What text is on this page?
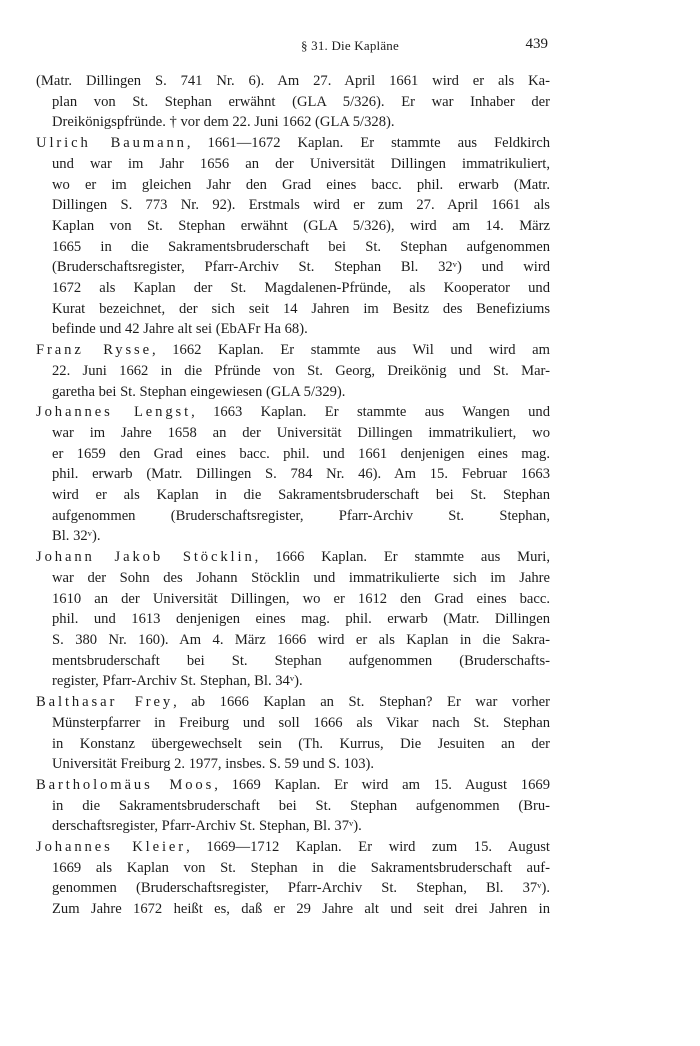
§ 31. Die Kapläne	439
(Matr. Dillingen S. 741 Nr. 6). Am 27. April 1661 wird er als Ka-
plan von St. Stephan erwähnt (GLA 5/326). Er war Inhaber der
Dreikönigspfründe. † vor dem 22. Juni 1662 (GLA 5/328).
Ulrich Baumann, 1661—1672 Kaplan. Er stammte aus Feldkirch
und war im Jahr 1656 an der Universität Dillingen immatrikuliert,
wo er im gleichen Jahr den Grad eines bacc. phil. erwarb (Matr.
Dillingen S. 773 Nr. 92). Erstmals wird er zum 27. April 1661 als
Kaplan von St. Stephan erwähnt (GLA 5/326), wird am 14. März
1665 in die Sakramentsbruderschaft bei St. Stephan aufgenommen
(Bruderschaftsregister, Pfarr-Archiv St. Stephan Bl. 32ᵛ) und wird
1672 als Kaplan der St. Magdalenen-Pfründe, als Kooperator und
Kurat bezeichnet, der sich seit 14 Jahren im Besitz des Benefiziums
befinde und 42 Jahre alt sei (EbAFr Ha 68).
Franz Rysse, 1662 Kaplan. Er stammte aus Wil und wird am
22. Juni 1662 in die Pfründe von St. Georg, Dreikönig und St. Mar-
garetha bei St. Stephan eingewiesen (GLA 5/329).
Johannes Lengst, 1663 Kaplan. Er stammte aus Wangen und
war im Jahre 1658 an der Universität Dillingen immatrikuliert, wo
er 1659 den Grad eines bacc. phil. und 1661 denjenigen eines mag.
phil. erwarb (Matr. Dillingen S. 784 Nr. 46). Am 15. Februar 1663
wird er als Kaplan in die Sakramentsbruderschaft bei St. Stephan
aufgenommen (Bruderschaftsregister, Pfarr-Archiv St. Stephan,
Bl. 32ᵛ).
Johann Jakob Stöcklin, 1666 Kaplan. Er stammte aus Muri,
war der Sohn des Johann Stöcklin und immatrikulierte sich im Jahre
1610 an der Universität Dillingen, wo er 1612 den Grad eines bacc.
phil. und 1613 denjenigen eines mag. phil. erwarb (Matr. Dillingen
S. 380 Nr. 160). Am 4. März 1666 wird er als Kaplan in die Sakra-
mentsbruderschaft bei St. Stephan aufgenommen (Bruderschafts-
register, Pfarr-Archiv St. Stephan, Bl. 34ᵛ).
Balthasar Frey, ab 1666 Kaplan an St. Stephan? Er war vorher
Münsterpfarrer in Freiburg und soll 1666 als Vikar nach St. Stephan
in Konstanz übergewechselt sein (Th. Kurrus, Die Jesuiten an der
Universität Freiburg 2. 1977, insbes. S. 59 und S. 103).
Bartholomäus Moos, 1669 Kaplan. Er wird am 15. August 1669
in die Sakramentsbruderschaft bei St. Stephan aufgenommen (Bru-
derschaftsregister, Pfarr-Archiv St. Stephan, Bl. 37ᵛ).
Johannes Kleier, 1669—1712 Kaplan. Er wird zum 15. August
1669 als Kaplan von St. Stephan in die Sakramentsbruderschaft auf-
genommen (Bruderschaftsregister, Pfarr-Archiv St. Stephan, Bl. 37ᵛ).
Zum Jahre 1672 heißt es, daß er 29 Jahre alt und seit drei Jahren in
